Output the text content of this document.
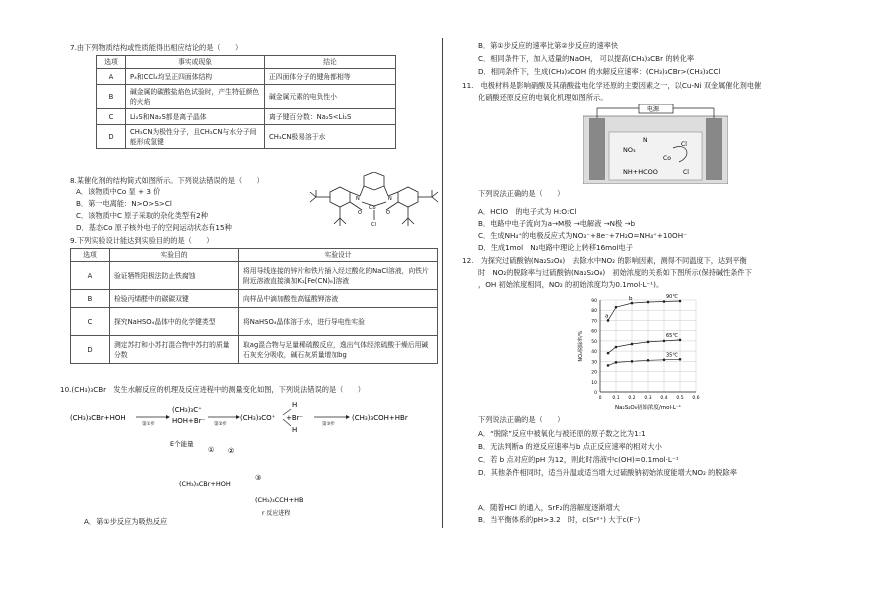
7.由下列物质结构或性质能得出相应结论的是（　　）
选项	事实或现象	结论
A	P₄和CCl₄均呈正四面体结构	正四面体分子的键角都相等
B	碱金属的碳酸盐焰色试验时，产生特征颜色的火焰	碱金属元素的电负性小
C	Li₂S和Na₂S都是离子晶体	离子键百分数：Na₂S<Li₂S
D	CH₃CN为极性分子，且CH₃CN与水分子间能形成氢键	CH₃CN极易溶于水
8.某催化剂的结构简式如图所示。下列说法错误的是（　　）
A．该物质中Co 显 + 3 价
B．第一电离能：N>O>S>Cl
C．该物质中C 原子采取的杂化类型有2种
D．基态Co 原子核外电子的空间运动状态有15种
N	N
Co
O	O
Cl
9.下列实验设计能达到实验目的的是（　　）
选项	实验目的	实验设计
A	验证牺牲阳极法防止铁腐蚀	将用导线连接的锌片和铁片插入经过酸化的NaCl溶液，向铁片附近溶液直接滴加K₃[Fe(CN)₆]溶液
B	检验丙烯醛中的碳碳双键	向样品中滴加酸性高锰酸钾溶液
C	探究NaHSO₄晶体中的化学键类型	将NaHSO₄晶体溶于水，进行导电性实验
D	测定苏打和小苏打混合物中苏打的质量分数	取ag混合物与足量稀硫酸反应，逸出气体经浓硫酸干燥后用碱石灰充分吸收，碱石灰质量增加bg
10.(CH₃)₃CBr　发生水解反应的机理及反应进程中的测量变化如图，下列说法错误的是（　　）
(CH₃)₃CBr+HOH
第①步
(CH₃)₃C⁺
HOH+Br⁻ 第②步
(CH₃)₃CO⁺
H
H
+Br⁻
第③步
(CH₃)₃COH+HBr
E个能量
① ②
③
(CH₃)₃CBr+HOH
(CH₃)₃CCH+HB
r 反应进程
A．第①步反应为吸热反应
B．第①步反应的速率比第②步反应的速率快
C．相同条件下，加入适量的NaOH， 可以提高(CH₃)₃CBr 的转化率
D．相同条件下，生成(CH₃)₃COH 的水解反应速率：(CH₃)₃CBr>(CH₃)₃CCl
11.　电极材料是影响硝酸及其硝酸盐电化学还原的主要因素之一，以Cu-Ni 双金属催化剂电催
化硝酸还原反应的电氧化机理如图所示。
电源
NO₃
NH+HCOO
N
Co
Cl
Cl
下列说法正确的是（　　）
A．HClO　的电子式为 H:O:Cl
B．电路中电子流向为a→M极 →电解液 →N极 →b
C．生成NH₄⁺的电极反应式为NO₃⁻+8e⁻+7H₂O=NH₄⁺+10OH⁻
D．生成1mol　N₂电路中理论上转移16mol电子
12.　为探究过硫酸钠(Na₂S₂O₈)　去除水中NO₂ 的影响因素，测得不同温度下，达到平衡
时　NO₂的脱除率与过硫酸钠(Na₂S₂O₈)　初始浓度的关系如下图所示(保持碱性条件下
，OH 初始浓度相同，NO₂ 的初始浓度均为0.1mol·L⁻¹)。
0
10
20
30
40
50
60
70
80
90
0 0.1 0.2 0.3 0.4 0.5 0.6
Na₂S₂O₈初始浓度/mol·L⁻¹
NO₂脱除率/%
90℃
65℃
35℃
a
b
下列说法正确的是（　　）
A．“脱除”反应中被氧化与被还原的原子数之比为1:1
B．无法判断a 的逆反应速率与b 点正反应速率的相对大小
C．若 b 点对应的pH 为12，则此时溶液中c(OH)=0.1mol·L⁻¹
D．其他条件相同时，适当升温或适当增大过硫酸钠初始浓度能增大NO₂ 的脱除率
A．随着HCl 的通入，SrF₂的溶解度逐渐增大
B．当平衡体系的pH>3.2　时，c(Sr²⁺) 大于c(F⁻)
